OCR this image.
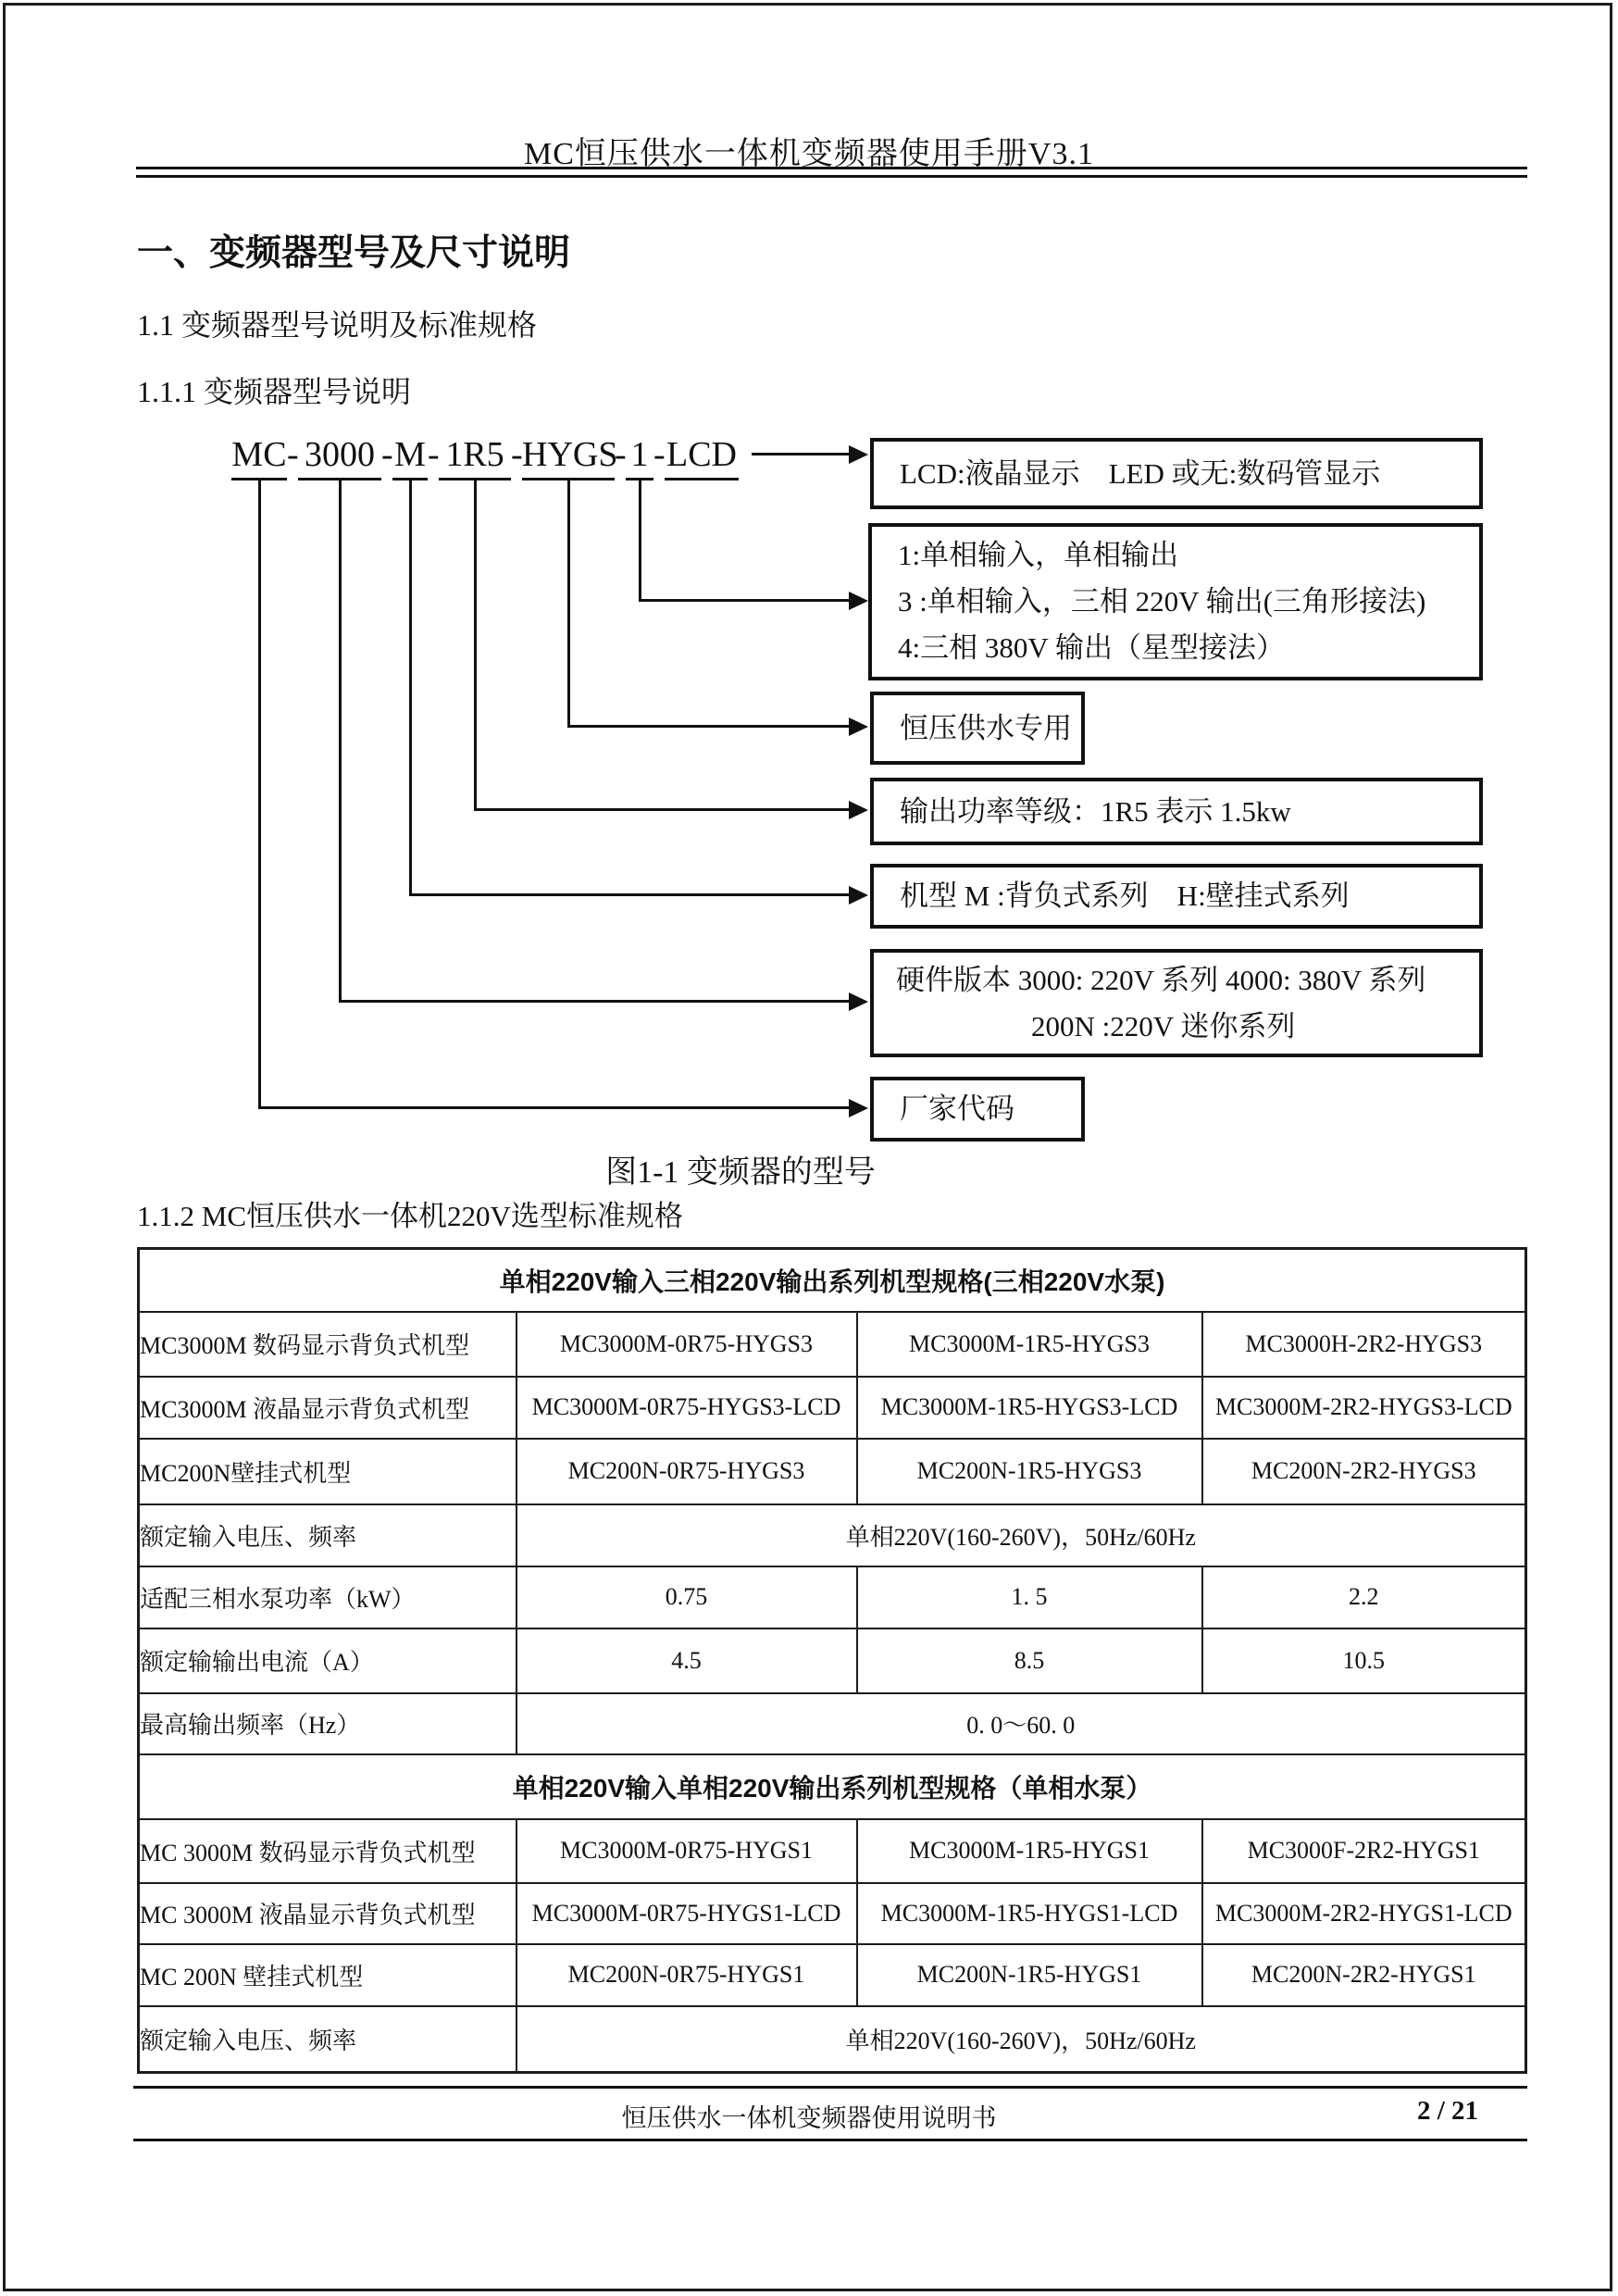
MC恒压供水一体机变频器使用手册V3.1
一、变频器型号及尺寸说明
1.1 变频器型号说明及标准规格
1.1.1 变频器型号说明
MC - 3000 - M - 1R5 - HYGS
- 1 - LCD	LCD:液晶显示　LED 或无:数码管显示
1:单相输入，单相输出
3 :单相输入，三相 220V 输出(三角形接法)
4:三相 380V 输出（星型接法）
恒压供水专用
输出功率等级：1R5 表示 1.5kw
机型 M :背负式系列　H:壁挂式系列
硬件版本 3000: 220V 系列 4000: 380V 系列
200N :220V 迷你系列
厂家代码
图1-1 变频器的型号
1.1.2 MC恒压供水一体机220V选型标准规格
单相220V输入三相220V输出系列机型规格(三相220V水泵)			
MC3000M 数码显示背负式机型	MC3000M-0R75-HYGS3	MC3000M-1R5-HYGS3	MC3000H-2R2-HYGS3
MC3000M 液晶显示背负式机型	MC3000M-0R75-HYGS3-LCD	MC3000M-1R5-HYGS3-LCD	MC3000M-2R2-HYGS3-LCD
MC200N壁挂式机型	MC200N-0R75-HYGS3	MC200N-1R5-HYGS3	MC200N-2R2-HYGS3
额定输入电压、频率	单相220V(160-260V)，50Hz/60Hz		
适配三相水泵功率（kW）	0.75	1. 5	2.2
额定输输出电流（A）	4.5	8.5	10.5
最高输出频率（Hz）	0. 0～60. 0		
单相220V输入单相220V输出系列机型规格（单相水泵）			
MC 3000M 数码显示背负式机型	MC3000M-0R75-HYGS1	MC3000M-1R5-HYGS1	MC3000F-2R2-HYGS1
MC 3000M 液晶显示背负式机型	MC3000M-0R75-HYGS1-LCD	MC3000M-1R5-HYGS1-LCD	MC3000M-2R2-HYGS1-LCD
MC 200N 壁挂式机型	MC200N-0R75-HYGS1	MC200N-1R5-HYGS1	MC200N-2R2-HYGS1
额定输入电压、频率	单相220V(160-260V)，50Hz/60Hz		
恒压供水一体机变频器使用说明书	2 / 21
